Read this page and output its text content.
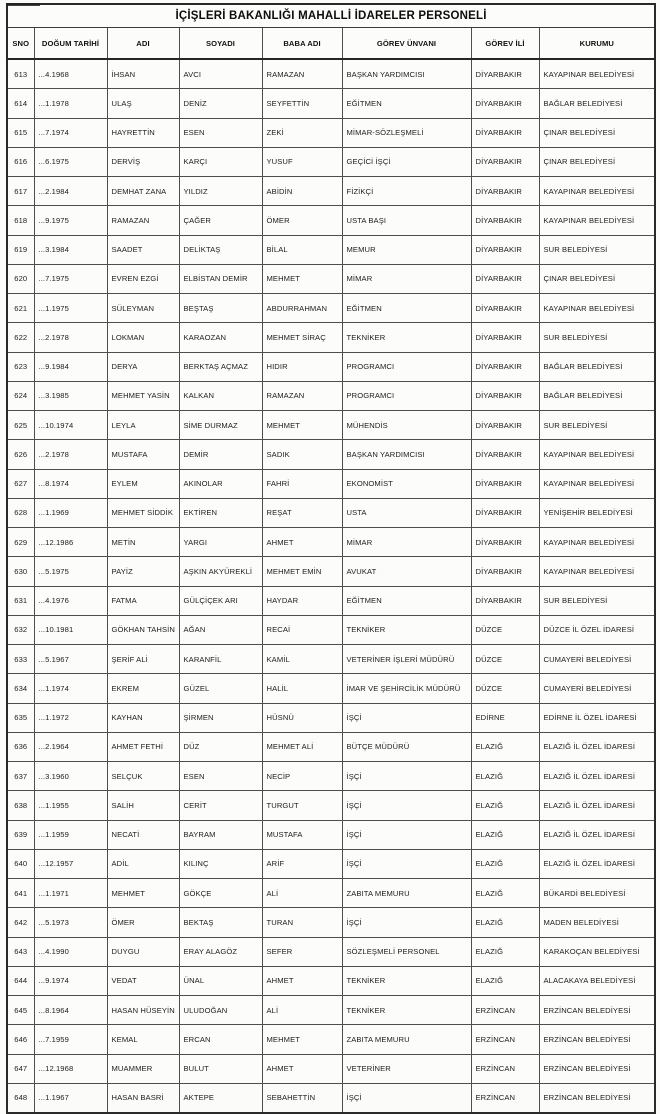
İÇİŞLERİ BAKANLIĞI MAHALLİ İDARELER PERSONELİ							
SNO	DOĞUM TARİHİ	ADI	SOYADI	BABA ADI	GÖREV ÜNVANI	GÖREV İLİ	KURUMU
613	...4.1968	İHSAN	AVCI	RAMAZAN	BAŞKAN YARDIMCISI	DİYARBAKIR	KAYAPINAR BELEDİYESİ
614	...1.1978	ULAŞ	DENİZ	SEYFETTİN	EĞİTMEN	DİYARBAKIR	BAĞLAR BELEDİYESİ
615	...7.1974	HAYRETTİN	ESEN	ZEKİ	MİMAR-SÖZLEŞMELİ	DİYARBAKIR	ÇINAR BELEDİYESİ
616	...6.1975	DERVİŞ	KARÇI	YUSUF	GEÇİCİ İŞÇİ	DİYARBAKIR	ÇINAR BELEDİYESİ
617	...2.1984	DEMHAT ZANA	YILDIZ	ABİDİN	FİZİKÇİ	DİYARBAKIR	KAYAPINAR BELEDİYESİ
618	...9.1975	RAMAZAN	ÇAĞER	ÖMER	USTA BAŞI	DİYARBAKIR	KAYAPINAR BELEDİYESİ
619	...3.1984	SAADET	DELİKTAŞ	BİLAL	MEMUR	DİYARBAKIR	SUR BELEDİYESİ
620	...7.1975	EVREN EZGİ	ELBİSTAN DEMİR	MEHMET	MİMAR	DİYARBAKIR	ÇINAR BELEDİYESİ
621	...1.1975	SÜLEYMAN	BEŞTAŞ	ABDURRAHMAN	EĞİTMEN	DİYARBAKIR	KAYAPINAR BELEDİYESİ
622	...2.1978	LOKMAN	KARAOZAN	MEHMET SİRAÇ	TEKNİKER	DİYARBAKIR	SUR BELEDİYESİ
623	...9.1984	DERYA	BERKTAŞ AÇMAZ	HIDIR	PROGRAMCI	DİYARBAKIR	BAĞLAR BELEDİYESİ
624	...3.1985	MEHMET YASİN	KALKAN	RAMAZAN	PROGRAMCI	DİYARBAKIR	BAĞLAR BELEDİYESİ
625	...10.1974	LEYLA	SİME DURMAZ	MEHMET	MÜHENDİS	DİYARBAKIR	SUR BELEDİYESİ
626	...2.1978	MUSTAFA	DEMİR	SADIK	BAŞKAN YARDIMCISI	DİYARBAKIR	KAYAPINAR BELEDİYESİ
627	...8.1974	EYLEM	AKINOLAR	FAHRİ	EKONOMİST	DİYARBAKIR	KAYAPINAR BELEDİYESİ
628	...1.1969	MEHMET SİDDİK	EKTİREN	REŞAT	USTA	DİYARBAKIR	YENİŞEHİR BELEDİYESİ
629	...12.1986	METİN	YARGI	AHMET	MİMAR	DİYARBAKIR	KAYAPINAR BELEDİYESİ
630	...5.1975	PAYİZ	AŞKIN AKYÜREKLİ	MEHMET EMİN	AVUKAT	DİYARBAKIR	KAYAPINAR BELEDİYESİ
631	...4.1976	FATMA	GÜLÇİÇEK ARI	HAYDAR	EĞİTMEN	DİYARBAKIR	SUR BELEDİYESİ
632	...10.1981	GÖKHAN TAHSİN	AĞAN	RECAİ	TEKNİKER	DÜZCE	DÜZCE İL ÖZEL İDARESİ
633	...5.1967	ŞERİF ALİ	KARANFİL	KAMİL	VETERİNER İŞLERİ MÜDÜRÜ	DÜZCE	CUMAYERİ BELEDİYESİ
634	...1.1974	EKREM	GÜZEL	HALİL	İMAR VE ŞEHİRCİLİK MÜDÜRÜ	DÜZCE	CUMAYERİ BELEDİYESİ
635	...1.1972	KAYHAN	ŞİRMEN	HÜSNÜ	İŞÇİ	EDİRNE	EDİRNE İL ÖZEL İDARESİ
636	...2.1964	AHMET FETHİ	DÜZ	MEHMET ALİ	BÜTÇE MÜDÜRÜ	ELAZIĞ	ELAZIĞ İL ÖZEL İDARESİ
637	...3.1960	SELÇUK	ESEN	NECİP	İŞÇİ	ELAZIĞ	ELAZIĞ İL ÖZEL İDARESİ
638	...1.1955	SALİH	CERİT	TURGUT	İŞÇİ	ELAZIĞ	ELAZIĞ İL ÖZEL İDARESİ
639	...1.1959	NECATİ	BAYRAM	MUSTAFA	İŞÇİ	ELAZIĞ	ELAZIĞ İL ÖZEL İDARESİ
640	...12.1957	ADİL	KILINÇ	ARİF	İŞÇİ	ELAZIĞ	ELAZIĞ İL ÖZEL İDARESİ
641	...1.1971	MEHMET	GÖKÇE	ALİ	ZABITA MEMURU	ELAZIĞ	BÜKARDİ BELEDİYESİ
642	...5.1973	ÖMER	BEKTAŞ	TURAN	İŞÇİ	ELAZIĞ	MADEN BELEDİYESİ
643	...4.1990	DUYGU	ERAY ALAGÖZ	SEFER	SÖZLEŞMELİ PERSONEL	ELAZIĞ	KARAKOÇAN BELEDİYESİ
644	...9.1974	VEDAT	ÜNAL	AHMET	TEKNİKER	ELAZIĞ	ALACAKAYA BELEDİYESİ
645	...8.1964	HASAN HÜSEYİN	ULUDOĞAN	ALİ	TEKNİKER	ERZİNCAN	ERZİNCAN BELEDİYESİ
646	...7.1959	KEMAL	ERCAN	MEHMET	ZABITA MEMURU	ERZİNCAN	ERZİNCAN BELEDİYESİ
647	...12.1968	MUAMMER	BULUT	AHMET	VETERİNER	ERZİNCAN	ERZİNCAN BELEDİYESİ
648	...1.1967	HASAN BASRİ	AKTEPE	SEBAHETTİN	İŞÇİ	ERZİNCAN	ERZİNCAN BELEDİYESİ
